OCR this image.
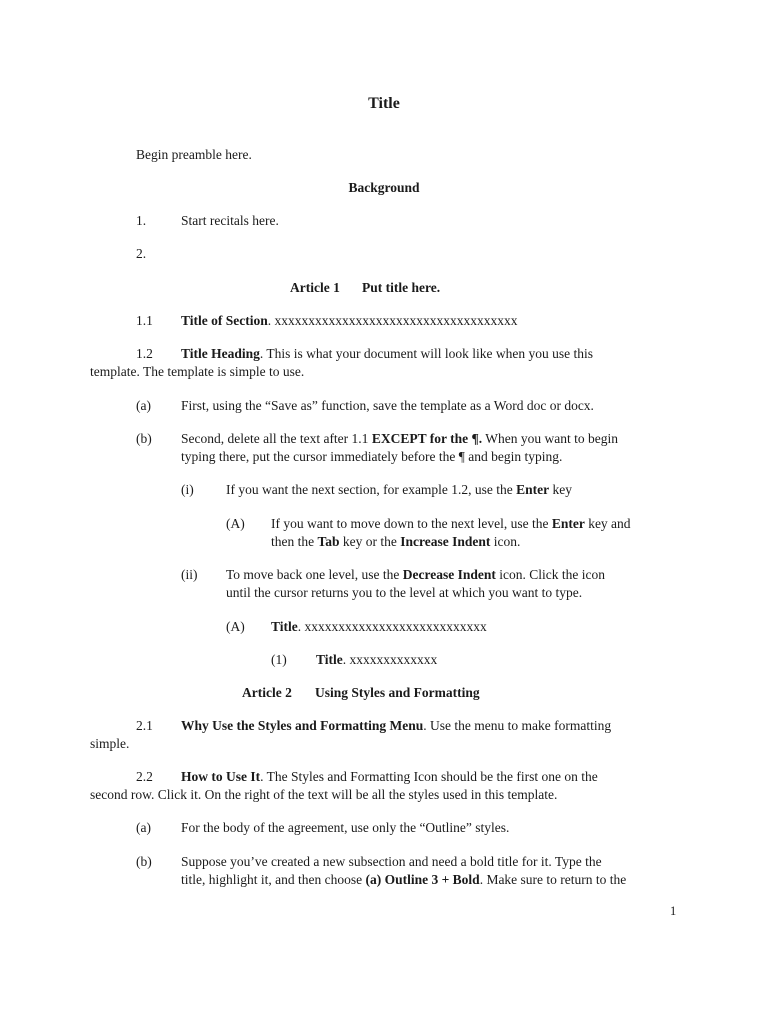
Title
Begin preamble here.
Background
1.	Start recitals here.
2.
Article 1 Put title here.
1.1 Title of Section. xxxxxxxxxxxxxxxxxxxxxxxxxxxxxxxxxxxx
1.2 Title Heading. This is what your document will look like when you use this
template. The template is simple to use.
(a) First, using the “Save as” function, save the template as a Word doc or docx.
(b) Second, delete all the text after 1.1 EXCEPT for the ¶. When you want to begin
typing there, put the cursor immediately before the ¶ and begin typing.
(i) If you want the next section, for example 1.2, use the Enter key
(A) If you want to move down to the next level, use the Enter key and
then the Tab key or the Increase Indent icon.
(ii) To move back one level, use the Decrease Indent icon. Click the icon
until the cursor returns you to the level at which you want to type.
(A) Title. xxxxxxxxxxxxxxxxxxxxxxxxxxx
(1) Title. xxxxxxxxxxxxx
Article 2 Using Styles and Formatting
2.1 Why Use the Styles and Formatting Menu. Use the menu to make formatting
simple.
2.2 How to Use It. The Styles and Formatting Icon should be the first one on the
second row. Click it. On the right of the text will be all the styles used in this template.
(a) For the body of the agreement, use only the “Outline” styles.
(b) Suppose you’ve created a new subsection and need a bold title for it. Type the
title, highlight it, and then choose (a) Outline 3 + Bold. Make sure to return to the
1
